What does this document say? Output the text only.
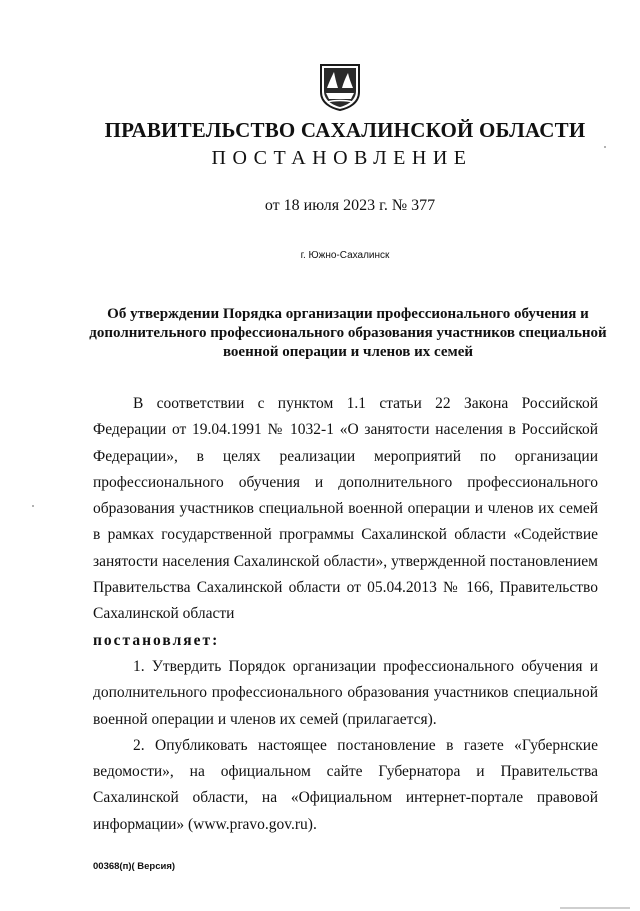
ПРАВИТЕЛЬСТВО САХАЛИНСКОЙ ОБЛАСТИ
ПОСТАНОВЛЕНИЕ
от 18 июля 2023 г. № 377
г. Южно-Сахалинск
Об утверждении Порядка организации профессионального обучения и дополнительного профессионального образования участников специальной военной операции и членов их семей

В соответствии с пунктом 1.1 статьи 22 Закона Российской Федерации от 19.04.1991 № 1032-1 «О занятости населения в Российской Федерации», в целях реализации мероприятий по организации профессионального обучения и дополнительного профессионального образования участников специальной военной операции и членов их семей в рамках государственной программы Сахалинской области «Содействие занятости населения Сахалинской области», утвержденной постановлением Правительства Сахалинской области от 05.04.2013 № 166, Правительство Сахалинской области

постановляет:

1. Утвердить Порядок организации профессионального обучения и дополнительного профессионального образования участников специальной военной операции и членов их семей (прилагается).

2. Опубликовать настоящее постановление в газете «Губернские ведомости», на официальном сайте Губернатора и Правительства Сахалинской области, на «Официальном интернет-портале правовой информации» (www.pravo.gov.ru).

00368(п)( Версия)
